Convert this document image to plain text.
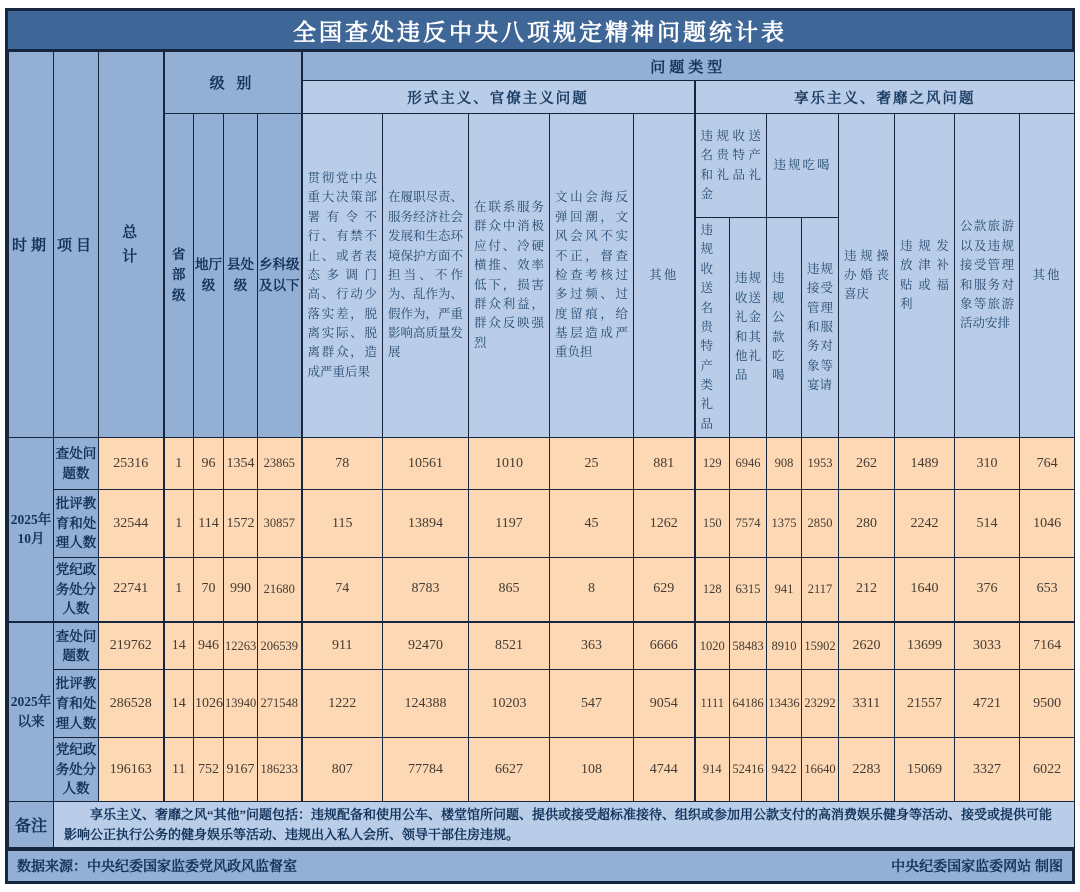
全国查处违反中央八项规定精神问题统计表
时期	项目	总计	级 别				问题类型												
							形式主义、官僚主义问题					享乐主义、奢靡之风问题							
			省部级	地厅级	县处级	乡科级及以下	贯彻党中央重大决策部署有令不行、有禁不止、或者表态多调门高、行动少落实差，脱离实际、脱离群众，造成严重后果	在履职尽责、服务经济社会发展和生态环境保护方面不担当、不作为、乱作为、假作为，严重影响高质量发展	在联系服务群众中消极应付、冷硬横推、效率低下，损害群众利益，群众反映强烈	文山会海反弹回潮，文风会风不实不正，督查检查考核过多过频、过度留痕，给基层造成严重负担	其他	违规收送名贵特产和礼品礼金		违规吃喝		违规操办婚丧喜庆	违规发放津补贴或福利	公款旅游以及违规接受管理和服务对象等旅游活动安排	其他
												违规收送名贵特产类礼品	违规收送礼金和其他礼品	违规公款吃喝	违规接受管理和服务对象等宴请				
2025年10月	查处问题数	25316	1	96	1354	23865	78	10561	1010	25	881	129	6946	908	1953	262	1489	310	764
	批评教育和处理人数	32544	1	114	1572	30857	115	13894	1197	45	1262	150	7574	1375	2850	280	2242	514	1046
	党纪政务处分人数	22741	1	70	990	21680	74	8783	865	8	629	128	6315	941	2117	212	1640	376	653
2025年以来	查处问题数	219762	14	946	12263	206539	911	92470	8521	363	6666	1020	58483	8910	15902	2620	13699	3033	7164
	批评教育和处理人数	286528	14	1026	13940	271548	1222	124388	10203	547	9054	1111	64186	13436	23292	3311	21557	4721	9500
	党纪政务处分人数	196163	11	752	9167	186233	807	77784	6627	108	4744	914	52416	9422	16640	2283	15069	3327	6022
备注	享乐主义、奢靡之风“其他”问题包括：违规配备和使用公车、楼堂馆所问题、提供或接受超标准接待、组织或参加用公款支付的高消费娱乐健身等活动、接受或提供可能影响公正执行公务的健身娱乐等活动、违规出入私人会所、领导干部住房违规。																		
数据来源：中央纪委国家监委党风政风监督室	中央纪委国家监委网站 制图
